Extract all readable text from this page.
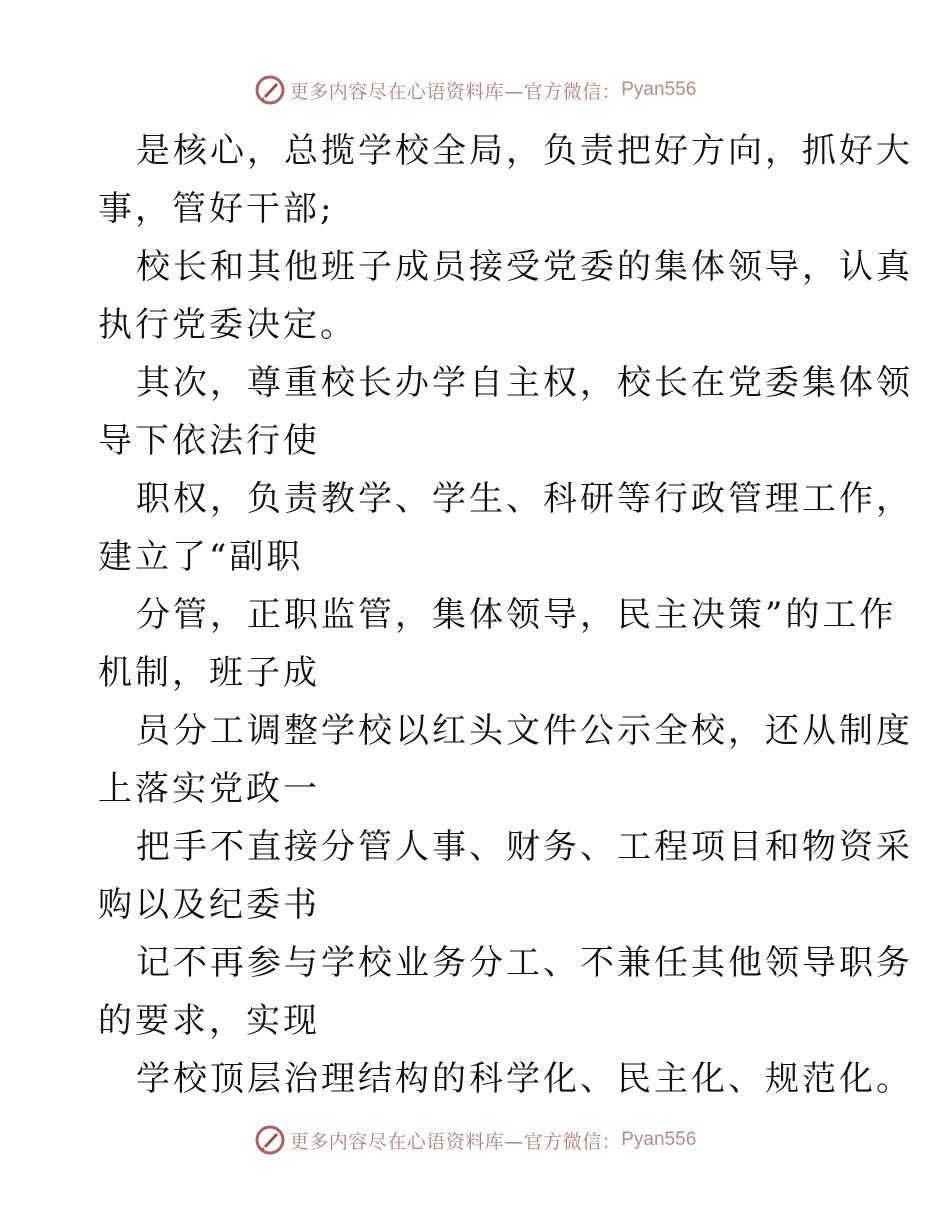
更多内容尽在心语资料库—官方微信： Pyan556

是核心，总揽学校全局，负责把好方向，抓好大
事，管好干部;

校长和其他班子成员接受党委的集体领导，认真
执行党委决定。

其次，尊重校长办学自主权，校长在党委集体领
导下依法行使

职权，负责教学、学生、科研等行政管理工作，
建立了“副职

分管，正职监管，集体领导，民主决策”的工作
机制，班子成

员分工调整学校以红头文件公示全校，还从制度
上落实党政一

把手不直接分管人事、财务、工程项目和物资采
购以及纪委书

记不再参与学校业务分工、不兼任其他领导职务
的要求，实现

学校顶层治理结构的科学化、民主化、规范化。

更多内容尽在心语资料库—官方微信： Pyan556
